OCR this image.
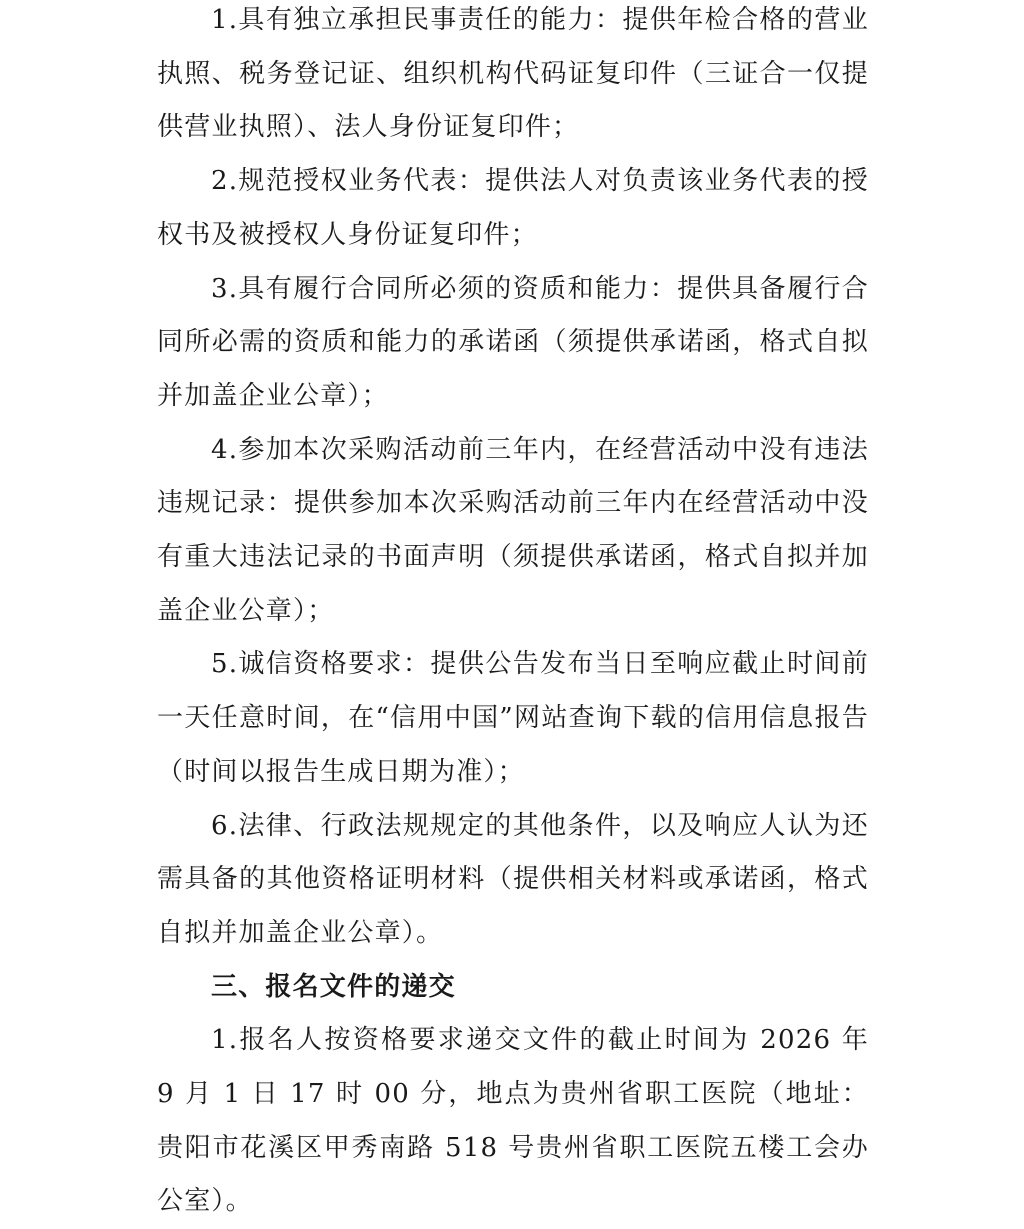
1.具有独立承担民事责任的能力：提供年检合格的营业执照、税务登记证、组织机构代码证复印件（三证合一仅提供营业执照）、法人身份证复印件；

2.规范授权业务代表：提供法人对负责该业务代表的授权书及被授权人身份证复印件；

3.具有履行合同所必须的资质和能力：提供具备履行合同所必需的资质和能力的承诺函（须提供承诺函，格式自拟并加盖企业公章）；

4.参加本次采购活动前三年内，在经营活动中没有违法违规记录：提供参加本次采购活动前三年内在经营活动中没有重大违法记录的书面声明（须提供承诺函，格式自拟并加盖企业公章）；

5.诚信资格要求：提供公告发布当日至响应截止时间前一天任意时间，在“信用中国”网站查询下载的信用信息报告（时间以报告生成日期为准）；

6.法律、行政法规规定的其他条件，以及响应人认为还需具备的其他资格证明材料（提供相关材料或承诺函，格式自拟并加盖企业公章）。

三、报名文件的递交

1.报名人按资格要求递交文件的截止时间为 2026 年 9 月 1 日 17 时 00 分，地点为贵州省职工医院（地址：贵阳市花溪区甲秀南路 518 号贵州省职工医院五楼工会办公室）。
